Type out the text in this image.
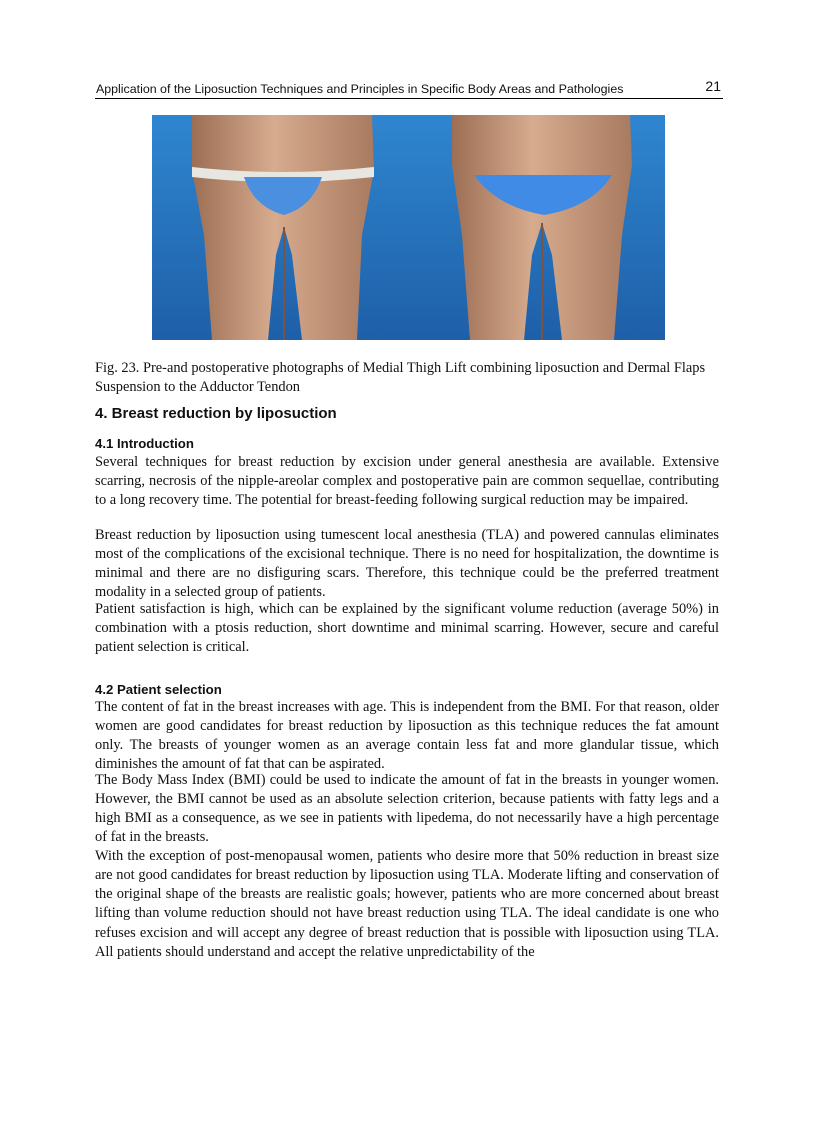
Application of the Liposuction Techniques and Principles in Specific Body Areas and Pathologies	21

Fig. 23. Pre-and postoperative photographs of Medial Thigh Lift combining liposuction and Dermal Flaps Suspension to the Adductor Tendon

4. Breast reduction by liposuction
4.1 Introduction

Several techniques for breast reduction by excision under general anesthesia are available. Extensive scarring, necrosis of the nipple-areolar complex and postoperative pain are common sequellae, contributing to a long recovery time. The potential for breast-feeding following surgical reduction may be impaired.

Breast reduction by liposuction using tumescent local anesthesia (TLA) and powered cannulas eliminates most of the complications of the excisional technique. There is no need for hospitalization, the downtime is minimal and there are no disfiguring scars. Therefore, this technique could be the preferred treatment modality in a selected group of patients.

Patient satisfaction is high, which can be explained by the significant volume reduction (average 50%) in combination with a ptosis reduction, short downtime and minimal scarring. However, secure and careful patient selection is critical.

4.2 Patient selection

The content of fat in the breast increases with age. This is independent from the BMI. For that reason, older women are good candidates for breast reduction by liposuction as this technique reduces the fat amount only. The breasts of younger women as an average contain less fat and more glandular tissue, which diminishes the amount of fat that can be aspirated.

The Body Mass Index (BMI) could be used to indicate the amount of fat in the breasts in younger women. However, the BMI cannot be used as an absolute selection criterion, because patients with fatty legs and a high BMI as a consequence, as we see in patients with lipedema, do not necessarily have a high percentage of fat in the breasts.

With the exception of post-menopausal women, patients who desire more that 50% reduction in breast size are not good candidates for breast reduction by liposuction using TLA. Moderate lifting and conservation of the original shape of the breasts are realistic goals; however, patients who are more concerned about breast lifting than volume reduction should not have breast reduction using TLA. The ideal candidate is one who refuses excision and will accept any degree of breast reduction that is possible with liposuction using TLA. All patients should understand and accept the relative unpredictability of the
